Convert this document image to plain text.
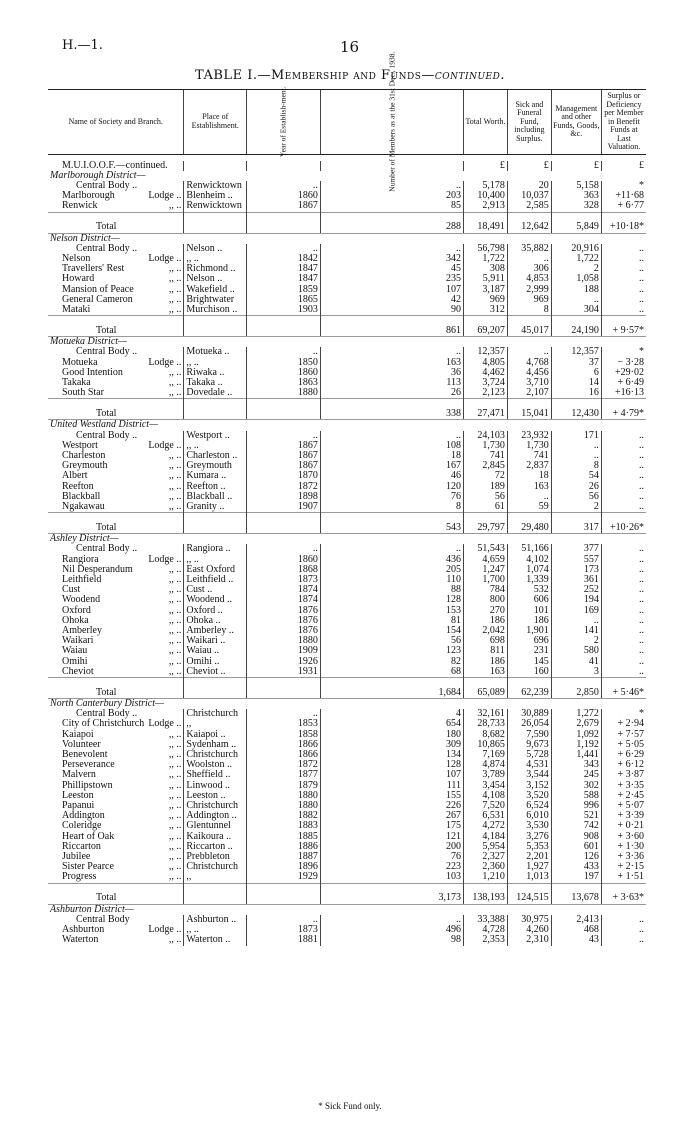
H.—1.	16
TABLE I.—Membership and Funds—continued.
Name of Society and Branch.	Place of Establishment.	Year of Establish-ment.	Number of Members as at the 31st Dec., 1938.	Total Worth.	Sick and Funeral Fund, including Surplus.	Management and other Funds, Goods, &c.	Surplus or Deficiency per Member in Benefit Funds at Last Valuation.

M.U.I.O.O.F.—continued.				£	£	£	£
Marlborough District—							

Central Body ..	Renwicktown	..	..	5,178	20	5,158	*

Marlborough Lodge ..	Blenheim ..	1860	203	10,400	10,037	363	+11·68

Renwick ,, ..	Renwicktown	1867	85	2,913	2,585	328	+ 6·77
Total			288	18,491	12,642	5,849	+10·18*
Nelson District—							

Central Body ..	Nelson ..	..	..	56,798	35,882	20,916	..

Nelson Lodge ..	,, ..	1842	342	1,722	..	1,722	..

Travellers' Rest ,, ..	Richmond ..	1847	45	308	306	2	..

Howard ,, ..	Nelson ..	1847	235	5,911	4,853	1,058	..

Mansion of Peace ,, ..	Wakefield ..	1859	107	3,187	2,999	188	..

General Cameron ,, ..	Brightwater	1865	42	969	969	..	..

Mataki ,, ..	Murchison ..	1903	90	312	8	304	..
Total			861	69,207	45,017	24,190	+ 9·57*
Motueka District—							

Central Body ..	Motueka ..	..	..	12,357	..	12,357	*

Motueka Lodge ..	,, ..	1850	163	4,805	4,768	37	− 3·28

Good Intention ,, ..	Riwaka ..	1860	36	4,462	4,456	6	+29·02

Takaka ,, ..	Takaka ..	1863	113	3,724	3,710	14	+ 6·49

South Star ,, ..	Dovedale ..	1880	26	2,123	2,107	16	+16·13
Total			338	27,471	15,041	12,430	+ 4·79*
United Westland District—							

Central Body ..	Westport ..	..	..	24,103	23,932	171	..

Westport Lodge ..	,, ..	1867	108	1,730	1,730	..	..

Charleston ,, ..	Charleston ..	1867	18	741	741	..	..

Greymouth ,, ..	Greymouth	1867	167	2,845	2,837	8	..

Albert ,, ..	Kumara ..	1870	46	72	18	54	..

Reefton ,, ..	Reefton ..	1872	120	189	163	26	..

Blackball ,, ..	Blackball ..	1898	76	56	..	56	..

Ngakawau ,, ..	Granity ..	1907	8	61	59	2	..
Total			543	29,797	29,480	317	+10·26*
Ashley District—							

Central Body ..	Rangiora ..	..	..	51,543	51,166	377	..

Rangiora Lodge ..	,, ..	1860	436	4,659	4,102	557	..

Nil Desperandum ,, ..	East Oxford	1868	205	1,247	1,074	173	..

Leithfield ,, ..	Leithfield ..	1873	110	1,700	1,339	361	..

Cust ,, ..	Cust ..	1874	88	784	532	252	..

Woodend ,, ..	Woodend ..	1874	128	800	606	194	..

Oxford ,, ..	Oxford ..	1876	153	270	101	169	..

Ohoka ,, ..	Ohoka ..	1876	81	186	186	..	..

Amberley ,, ..	Amberley ..	1876	154	2,042	1,901	141	..

Waikari ,, ..	Waikari ..	1880	56	698	696	2	..

Waiau ,, ..	Waiau ..	1909	123	811	231	580	..

Omihi ,, ..	Omihi ..	1926	82	186	145	41	..

Cheviot ,, ..	Cheviot ..	1931	68	163	160	3	..
Total			1,684	65,089	62,239	2,850	+ 5·46*
North Canterbury District—							

Central Body ..	Christchurch	..	4	32,161	30,889	1,272	*

City of Christchurch Lodge ..	,,	1853	654	28,733	26,054	2,679	+ 2·94

Kaiapoi ,, ..	Kaiapoi ..	1858	180	8,682	7,590	1,092	+ 7·57

Volunteer ,, ..	Sydenham ..	1866	309	10,865	9,673	1,192	+ 5·05

Benevolent ,, ..	Christchurch	1866	134	7,169	5,728	1,441	+ 6·29

Perseverance ,, ..	Woolston ..	1872	128	4,874	4,531	343	+ 6·12

Malvern ,, ..	Sheffield ..	1877	107	3,789	3,544	245	+ 3·87

Phillipstown ,, ..	Linwood ..	1879	111	3,454	3,152	302	+ 3·35

Leeston ,, ..	Leeston ..	1880	155	4,108	3,520	588	+ 2·45

Papanui ,, ..	Christchurch	1880	226	7,520	6,524	996	+ 5·07

Addington ,, ..	Addington ..	1882	267	6,531	6,010	521	+ 3·39

Coleridge ,, ..	Glentunnel	1883	175	4,272	3,530	742	+ 0·21

Heart of Oak ,, ..	Kaikoura ..	1885	121	4,184	3,276	908	+ 3·60

Riccarton ,, ..	Riccarton ..	1886	200	5,954	5,353	601	+ 1·30

Jubilee ,, ..	Prebbleton	1887	76	2,327	2,201	126	+ 3·36

Sister Pearce ,, ..	Christchurch	1896	223	2,360	1,927	433	+ 2·15

Progress ,, ..	,,	1929	103	1,210	1,013	197	+ 1·51
Total			3,173	138,193	124,515	13,678	+ 3·63*
Ashburton District—							

Central Body	Ashburton ..	..	..	33,388	30,975	2,413	..

Ashburton Lodge ..	,, ..	1873	496	4,728	4,260	468	..

Waterton ,, ..	Waterton ..	1881	98	2,353	2,310	43	..
* Sick Fund only.
